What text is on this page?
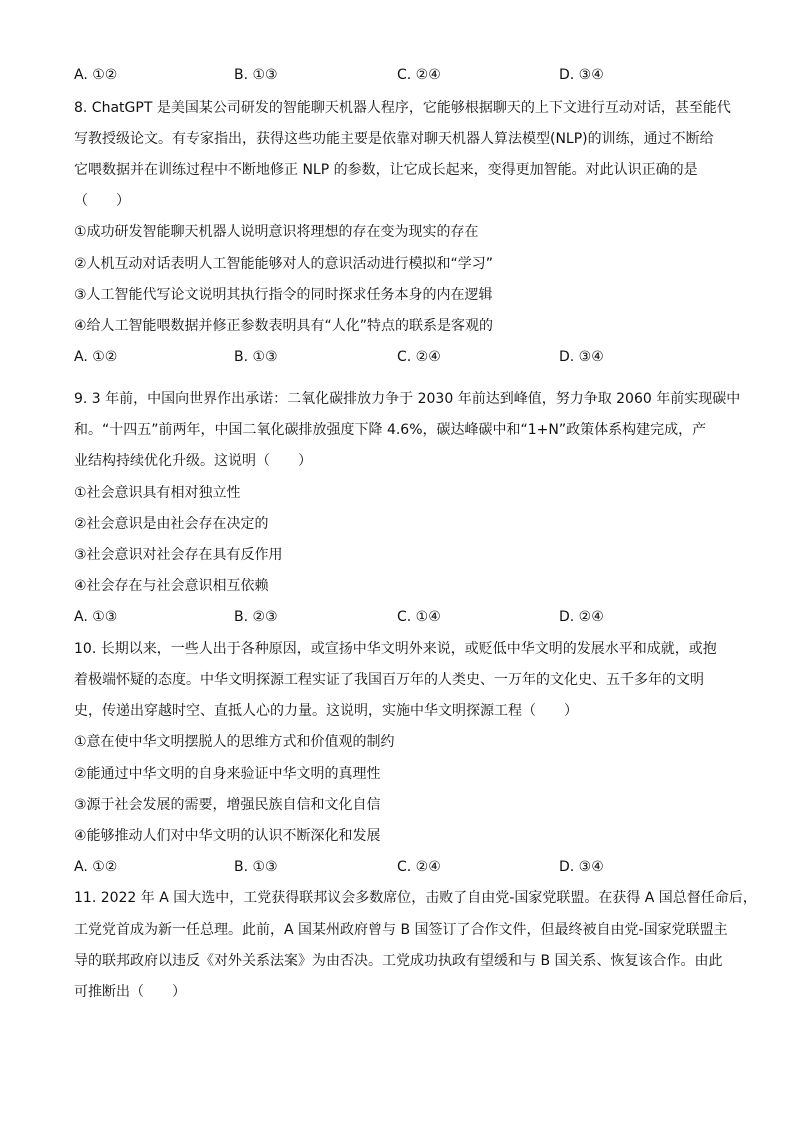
A. ①②	B. ①③	C. ②④	D. ③④
8. ChatGPT 是美国某公司研发的智能聊天机器人程序，它能够根据聊天的上下文进行互动对话，甚至能代
写教授级论文。有专家指出，获得这些功能主要是依靠对聊天机器人算法模型(NLP)的训练，通过不断给
它喂数据并在训练过程中不断地修正 NLP 的参数，让它成长起来，变得更加智能。对此认识正确的是
（　　）
①成功研发智能聊天机器人说明意识将理想的存在变为现实的存在
②人机互动对话表明人工智能能够对人的意识活动进行模拟和“学习”
③人工智能代写论文说明其执行指令的同时探求任务本身的内在逻辑
④给人工智能喂数据并修正参数表明具有“人化”特点的联系是客观的
A. ①②	B. ①③	C. ②④	D. ③④
9. 3 年前，中国向世界作出承诺：二氧化碳排放力争于 2030 年前达到峰值，努力争取 2060 年前实现碳中
和。“十四五”前两年，中国二氧化碳排放强度下降 4.6%，碳达峰碳中和“1+N”政策体系构建完成，产
业结构持续优化升级。这说明（　　）
①社会意识具有相对独立性
②社会意识是由社会存在决定的
③社会意识对社会存在具有反作用
④社会存在与社会意识相互依赖
A. ①③	B. ②③	C. ①④	D. ②④
10. 长期以来，一些人出于各种原因，或宣扬中华文明外来说，或贬低中华文明的发展水平和成就，或抱
着极端怀疑的态度。中华文明探源工程实证了我国百万年的人类史、一万年的文化史、五千多年的文明
史，传递出穿越时空、直抵人心的力量。这说明，实施中华文明探源工程（　　）
①意在使中华文明摆脱人的思维方式和价值观的制约
②能通过中华文明的自身来验证中华文明的真理性
③源于社会发展的需要，增强民族自信和文化自信
④能够推动人们对中华文明的认识不断深化和发展
A. ①②	B. ①③	C. ②④	D. ③④
11. 2022 年 A 国大选中，工党获得联邦议会多数席位，击败了自由党-国家党联盟。在获得 A 国总督任命后，
工党党首成为新一任总理。此前，A 国某州政府曾与 B 国签订了合作文件，但最终被自由党-国家党联盟主
导的联邦政府以违反《对外关系法案》为由否决。工党成功执政有望缓和与 B 国关系、恢复该合作。由此
可推断出（　　）
